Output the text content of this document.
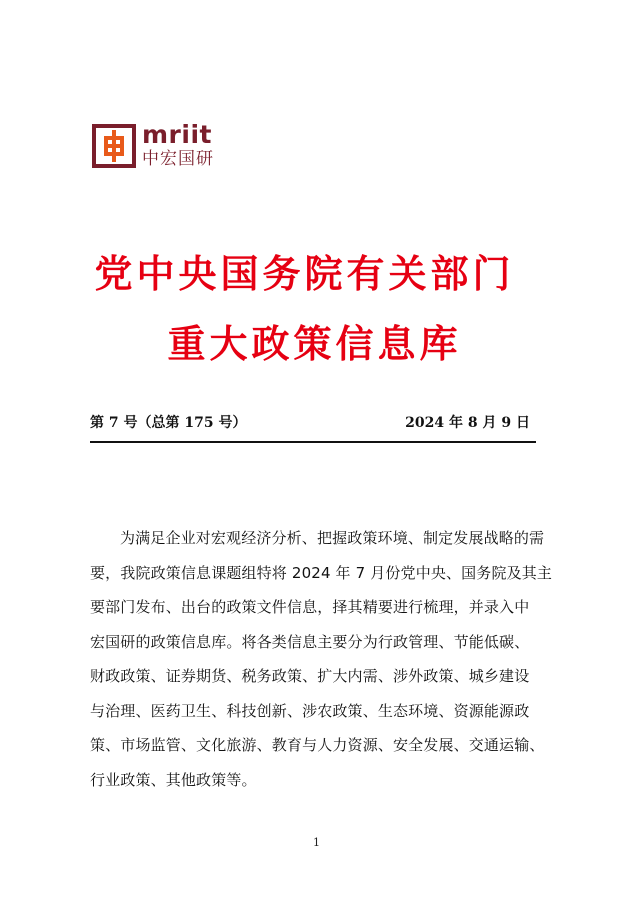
mriit
中宏国研
党中央国务院有关部门
重大政策信息库
第 7 号（总第 175 号）	2024 年 8 月 9 日
为满足企业对宏观经济分析、把握政策环境、制定发展战略的需
要，我院政策信息课题组特将 2024 年 7 月份党中央、国务院及其主
要部门发布、出台的政策文件信息，择其精要进行梳理，并录入中
宏国研的政策信息库。将各类信息主要分为行政管理、节能低碳、
财政政策、证券期货、税务政策、扩大内需、涉外政策、城乡建设
与治理、医药卫生、科技创新、涉农政策、生态环境、资源能源政
策、市场监管、文化旅游、教育与人力资源、安全发展、交通运输、
行业政策、其他政策等。
1
